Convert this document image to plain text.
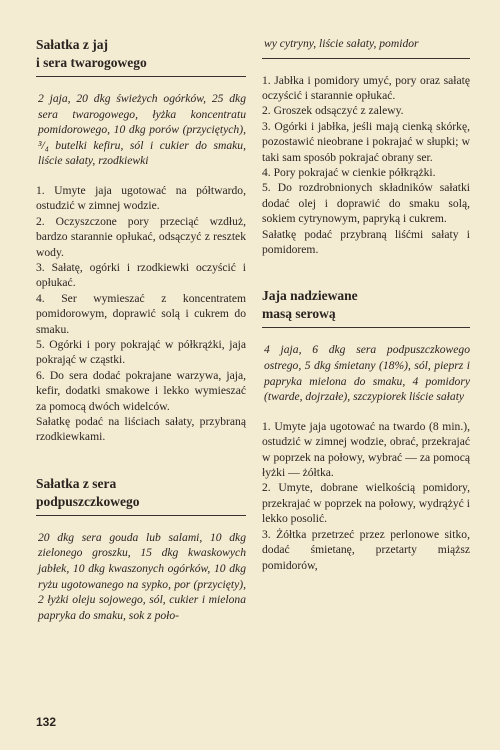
Sałatka z jaj
i sera twarogowego

2 jaja, 20 dkg świeżych ogórków, 25 dkg sera twarogowego, łyżka koncentratu pomidorowego, 10 dkg porów (przyciętych), ³/₄ butelki kefiru, sól i cukier do smaku, liście sałaty, rzodkiewki

1. Umyte jaja ugotować na półtwardo, ostudzić w zimnej wodzie.
2. Oczyszczone pory przeciąć wzdłuż, bardzo starannie opłukać, odsączyć z resztek wody.
3. Sałatę, ogórki i rzodkiewki oczyścić i opłukać.
4. Ser wymieszać z koncentratem pomidorowym, doprawić solą i cukrem do smaku.
5. Ogórki i pory pokrająć w półkrążki, jaja pokrająć w cząstki.
6. Do sera dodać pokrajane warzywa, jaja, kefir, dodatki smakowe i lekko wymieszać za pomocą dwóch widelców.

Sałatkę podać na liściach sałaty, przybraną rzodkiewkami.

Sałatka z sera
podpuszczkowego

20 dkg sera gouda lub salami, 10 dkg zielonego groszku, 15 dkg kwaskowych jabłek, 10 dkg kwaszonych ogórków, 10 dkg ryżu ugotowanego na sypko, por (przycięty), 2 łyżki oleju sojowego, sól, cukier i mielona papryka do smaku, sok z poło-

wy cytryny, liście sałaty, pomidor

1. Jabłka i pomidory umyć, pory oraz sałatę oczyścić i starannie opłukać.
2. Groszek odsączyć z zalewy.
3. Ogórki i jabłka, jeśli mają cienką skórkę, pozostawić nieobrane i pokrajać w słupki; w taki sam sposób pokrajać obrany ser.
4. Pory pokrajać w cienkie półkrążki.
5. Do rozdrobnionych składników sałatki dodać olej i doprawić do smaku solą, sokiem cytrynowym, papryką i cukrem.

Sałatkę podać przybraną liśćmi sałaty i pomidorem.

Jaja nadziewane
masą serową

4 jaja, 6 dkg sera podpuszczkowego ostrego, 5 dkg śmietany (18%), sól, pieprz i papryka mielona do smaku, 4 pomidory (twarde, dojrzałe), szczypiorek liście sałaty

1. Umyte jaja ugotować na twardo (8 min.), ostudzić w zimnej wodzie, obrać, przekrajać w poprzek na połowy, wybrać — za pomocą łyżki — żółtka.
2. Umyte, dobrane wielkością pomidory, przekrajać w poprzek na połowy, wydrążyć i lekko posolić.
3. Żółtka przetrzeć przez perlonowe sitko, dodać śmietanę, przetarty miąższ pomidorów,
132
